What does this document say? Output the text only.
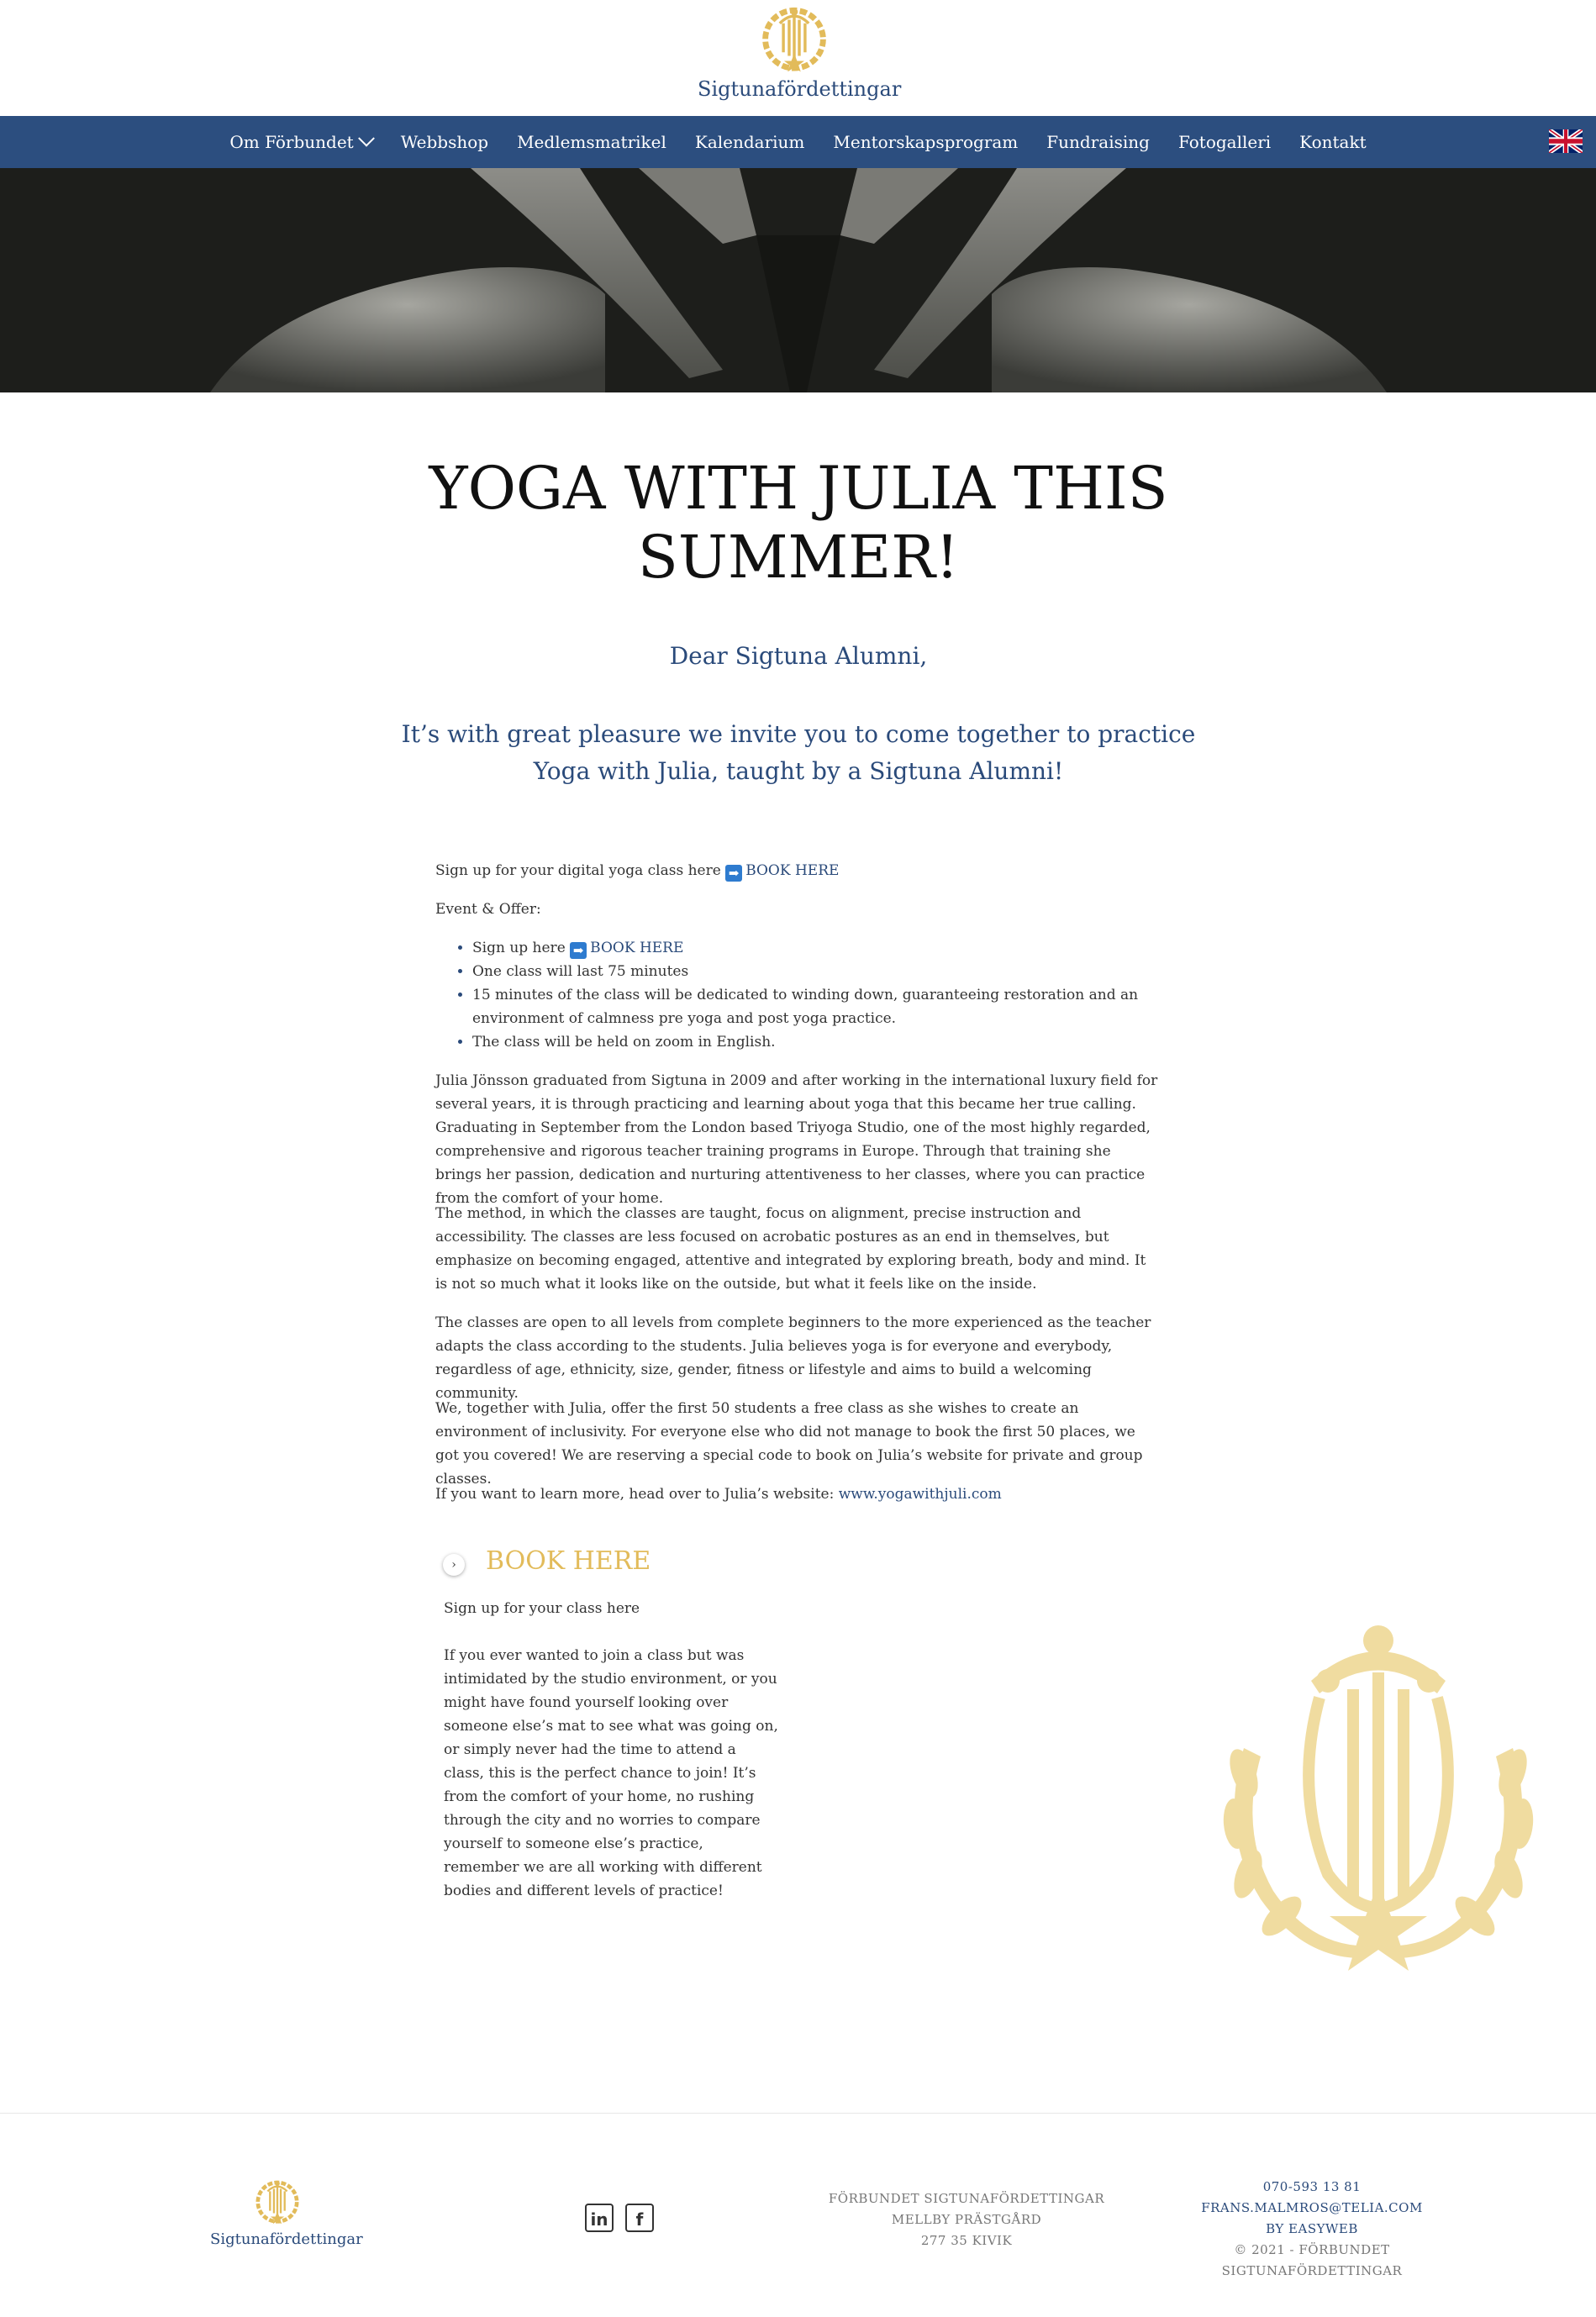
Sigtunafördettingar
Om Förbundet	Webbshop	Medlemsmatrikel	Kalendarium	Mentorskapsprogram	Fundraising	Fotogalleri	Kontakt
YOGA WITH JULIA THIS SUMMER!
Dear Sigtuna Alumni,
It’s with great pleasure we invite you to come together to practice Yoga with Julia, taught by a Sigtuna Alumni!
Sign up for your digital yoga class here ➡ BOOK HERE
Event & Offer:
• Sign up here ➡ BOOK HERE
• One class will last 75 minutes
• 15 minutes of the class will be dedicated to winding down, guaranteeing restoration and an environment of calmness pre yoga and post yoga practice.
• The class will be held on zoom in English.

Julia Jönsson graduated from Sigtuna in 2009 and after working in the international luxury field for several years, it is through practicing and learning about yoga that this became her true calling. Graduating in September from the London based Triyoga Studio, one of the most highly regarded, comprehensive and rigorous teacher training programs in Europe. Through that training she brings her passion, dedication and nurturing attentiveness to her classes, where you can practice from the comfort of your home.

The method, in which the classes are taught, focus on alignment, precise instruction and accessibility. The classes are less focused on acrobatic postures as an end in themselves, but emphasize on becoming engaged, attentive and integrated by exploring breath, body and mind. It is not so much what it looks like on the outside, but what it feels like on the inside.

The classes are open to all levels from complete beginners to the more experienced as the teacher adapts the class according to the students. Julia believes yoga is for everyone and everybody, regardless of age, ethnicity, size, gender, fitness or lifestyle and aims to build a welcoming community.

We, together with Julia, offer the first 50 students a free class as she wishes to create an environment of inclusivity. For everyone else who did not manage to book the first 50 places, we got you covered! We are reserving a special code to book on Julia’s website for private and group classes.

If you want to learn more, head over to Julia’s website: www.yogawithjuli.com

›	BOOK HERE
Sign up for your class here
If you ever wanted to join a class but was intimidated by the studio environment, or you might have found yourself looking over someone else’s mat to see what was going on, or simply never had the time to attend a class, this is the perfect chance to join! It’s from the comfort of your home, no rushing through the city and no worries to compare yourself to someone else’s practice, remember we are all working with different bodies and different levels of practice!
Sigtunafördettingar
in f
FÖRBUNDET SIGTUNAFÖRDETTINGAR
MELLBY PRÄSTGÅRD
277 35 KIVIK
070-593 13 81
FRANS.MALMROS@TELIA.COM
BY EASYWEB
© 2021 - FÖRBUNDET SIGTUNAFÖRDETTINGAR
